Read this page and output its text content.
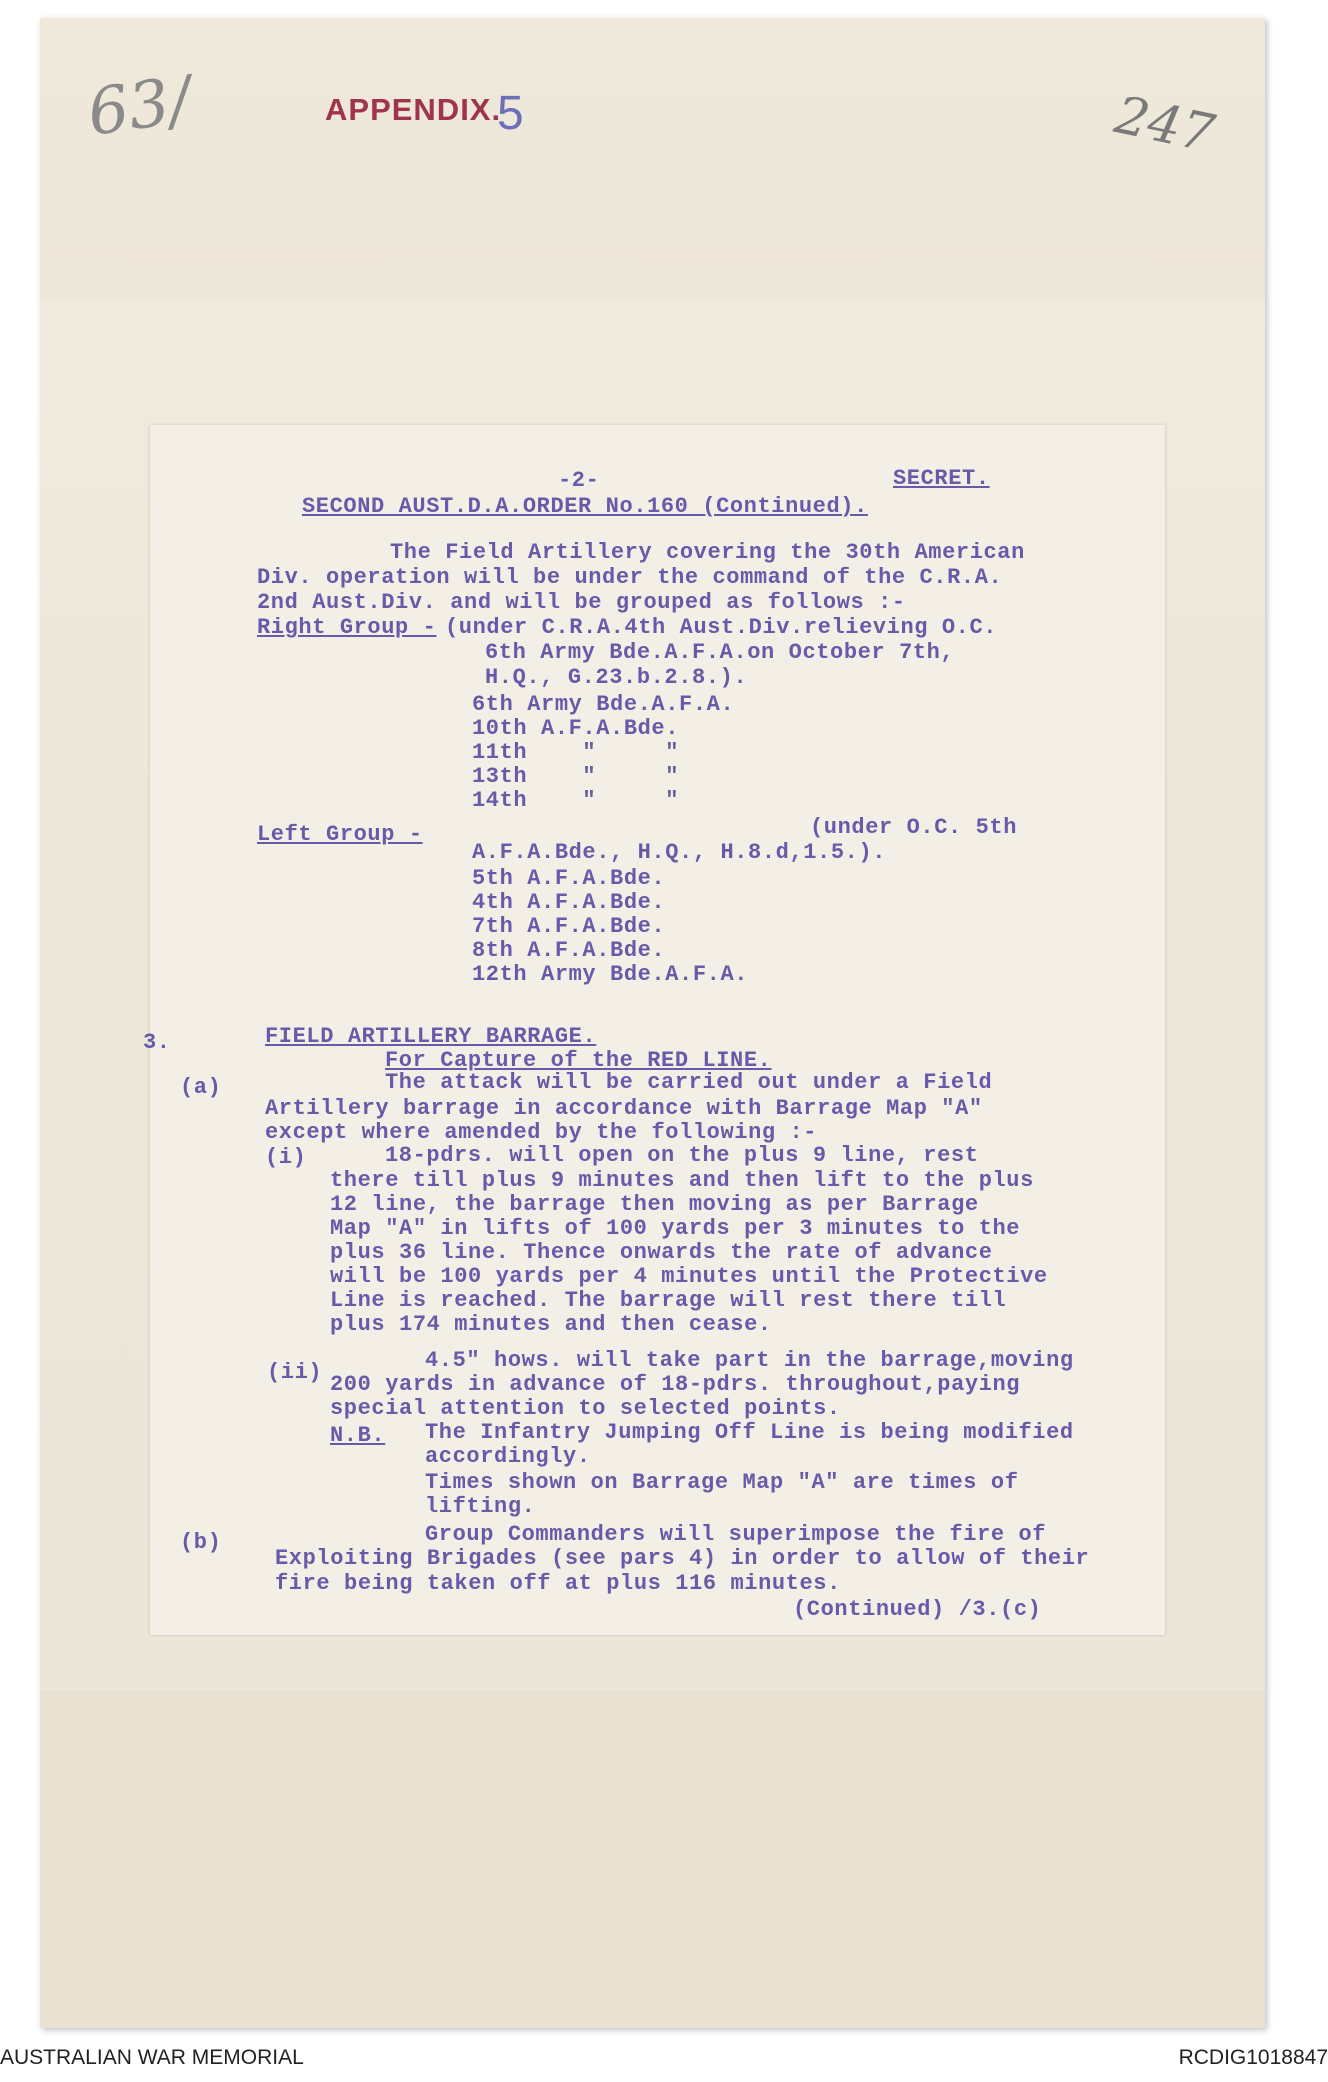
63/	247
APPENDIX.
5
-2-	SECRET.
SECOND AUST.D.A.ORDER No.160 (Continued).
The Field Artillery covering the 30th American
Div. operation will be under the command of the C.R.A.
2nd Aust.Div. and will be grouped as follows :-
Right Group - (under C.R.A.4th Aust.Div.relieving O.C.
6th Army Bde.A.F.A.on October 7th,
H.Q., G.23.b.2.8.).
6th Army Bde.A.F.A.
10th A.F.A.Bde.
11th    "     "
13th    "     "
14th    "     "
Left Group -	(under O.C. 5th
A.F.A.Bde., H.Q., H.8.d,1.5.).
5th A.F.A.Bde.
4th A.F.A.Bde.
7th A.F.A.Bde.
8th A.F.A.Bde.
12th Army Bde.A.F.A.
3.	FIELD ARTILLERY BARRAGE.
For Capture of the RED LINE.
(a)	The attack will be carried out under a Field
Artillery barrage in accordance with Barrage Map "A"
except where amended by the following :-
(i)	18-pdrs. will open on the plus 9 line, rest
there till plus 9 minutes and then lift to the plus
12 line, the barrage then moving as per Barrage
Map "A" in lifts of 100 yards per 3 minutes to the
plus 36 line. Thence onwards the rate of advance
will be 100 yards per 4 minutes until the Protective
Line is reached. The barrage will rest there till
plus 174 minutes and then cease.
(ii)	4.5" hows. will take part in the barrage,moving
200 yards in advance of 18-pdrs. throughout,paying
special attention to selected points.
N.B. The Infantry Jumping Off Line is being modified
accordingly.
Times shown on Barrage Map "A" are times of
lifting.
(b)	Group Commanders will superimpose the fire of
Exploiting Brigades (see pars 4) in order to allow of their
fire being taken off at plus 116 minutes.
(Continued) /3.(c)
AUSTRALIAN WAR MEMORIAL	RCDIG1018847
